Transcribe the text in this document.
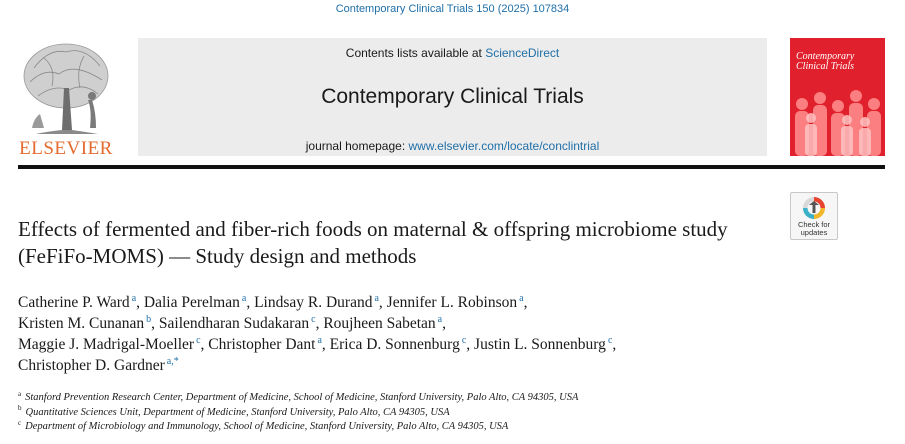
Contemporary Clinical Trials 150 (2025) 107834
ELSEVIER
Contents lists available at ScienceDirect
Contemporary Clinical Trials
journal homepage: www.elsevier.com/locate/conclintrial
Contemporary Clinical Trials
Check for
updates
Effects of fermented and fiber-rich foods on maternal & offspring microbiome study (FeFiFo-MOMS) — Study design and methods
Catherine P. Ward $^a$, Dalia Perelman $^a$, Lindsay R. Durand $^a$, Jennifer L. Robinson $^a$,
Kristen M. Cunanan $^b$, Sailendharan Sudakaran $^c$, Roujheen Sabetan $^a$,
Maggie J. Madrigal-Moeller $^c$, Christopher Dant $^a$, Erica D. Sonnenburg $^c$, Justin L. Sonnenburg $^c$,
Christopher D. Gardner $^{a,*}$
$^a$ Stanford Prevention Research Center, Department of Medicine, School of Medicine, Stanford University, Palo Alto, CA 94305, USA
$^b$ Quantitative Sciences Unit, Department of Medicine, Stanford University, Palo Alto, CA 94305, USA
$^c$ Department of Microbiology and Immunology, School of Medicine, Stanford University, Palo Alto, CA 94305, USA
